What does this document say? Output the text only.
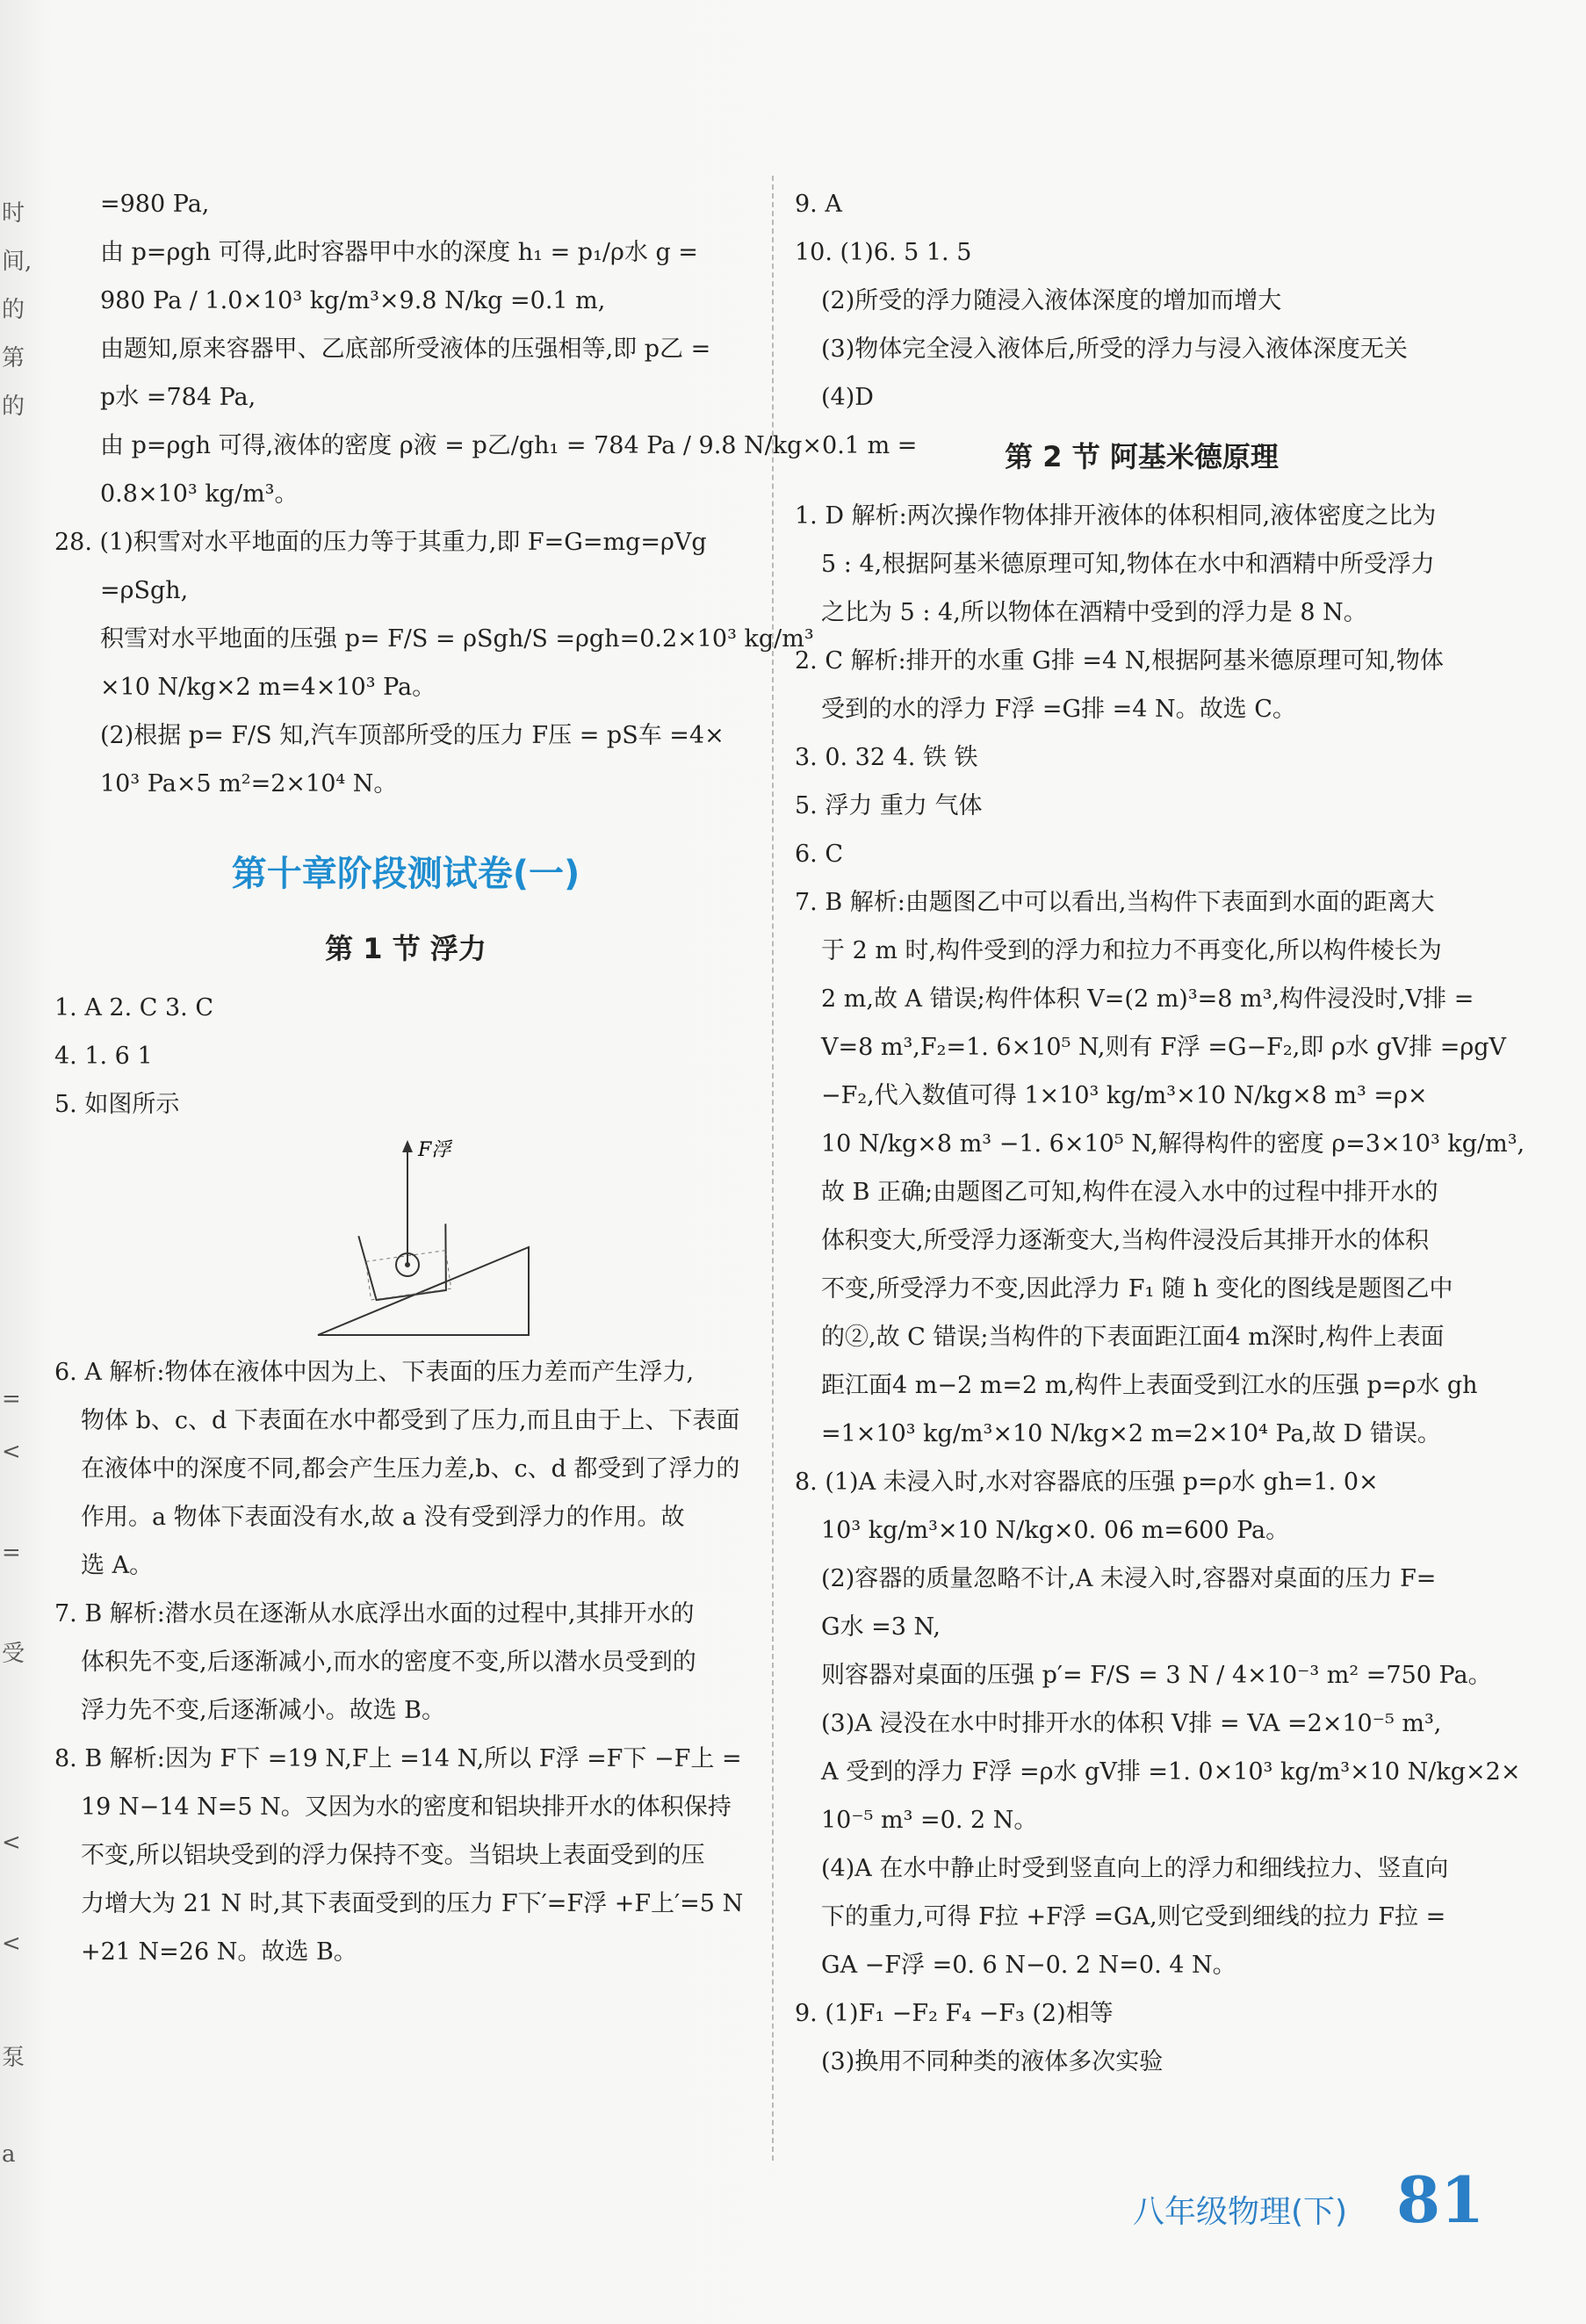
时
间,
的
第
的
=
<
=
受
<
<
泵
a
=980 Pa,
由 p=ρgh 可得,此时容器甲中水的深度 h₁ = p₁/ρ水 g =
980 Pa / 1.0×10³ kg/m³×9.8 N/kg =0.1 m,
由题知,原来容器甲、乙底部所受液体的压强相等,即 p乙 =
p水 =784 Pa,
由 p=ρgh 可得,液体的密度 ρ液 = p乙/gh₁ = 784 Pa / 9.8 N/kg×0.1 m =
0.8×10³ kg/m³。
28. (1)积雪对水平地面的压力等于其重力,即 F=G=mg=ρVg
=ρSgh,
积雪对水平地面的压强 p= F/S = ρSgh/S =ρgh=0.2×10³ kg/m³
×10 N/kg×2 m=4×10³ Pa。
(2)根据 p= F/S 知,汽车顶部所受的压力 F压 = pS车 =4×
10³ Pa×5 m²=2×10⁴ N。
第十章阶段测试卷(一)
第 1 节 浮力
1. A 2. C 3. C
4. 1. 6 1
5. 如图所示
F浮
6. A 解析:物体在液体中因为上、下表面的压力差而产生浮力,
物体 b、c、d 下表面在水中都受到了压力,而且由于上、下表面
在液体中的深度不同,都会产生压力差,b、c、d 都受到了浮力的
作用。a 物体下表面没有水,故 a 没有受到浮力的作用。故
选 A。
7. B 解析:潜水员在逐渐从水底浮出水面的过程中,其排开水的
体积先不变,后逐渐减小,而水的密度不变,所以潜水员受到的
浮力先不变,后逐渐减小。故选 B。
8. B 解析:因为 F下 =19 N,F上 =14 N,所以 F浮 =F下 −F上 =
19 N−14 N=5 N。又因为水的密度和铝块排开水的体积保持
不变,所以铝块受到的浮力保持不变。当铝块上表面受到的压
力增大为 21 N 时,其下表面受到的压力 F下′=F浮 +F上′=5 N
+21 N=26 N。故选 B。
9. A
10. (1)6. 5 1. 5
(2)所受的浮力随浸入液体深度的增加而增大
(3)物体完全浸入液体后,所受的浮力与浸入液体深度无关
(4)D
第 2 节 阿基米德原理
1. D 解析:两次操作物体排开液体的体积相同,液体密度之比为
5 : 4,根据阿基米德原理可知,物体在水中和酒精中所受浮力
之比为 5 : 4,所以物体在酒精中受到的浮力是 8 N。
2. C 解析:排开的水重 G排 =4 N,根据阿基米德原理可知,物体
受到的水的浮力 F浮 =G排 =4 N。故选 C。
3. 0. 32 4. 铁 铁
5. 浮力 重力 气体
6. C
7. B 解析:由题图乙中可以看出,当构件下表面到水面的距离大
于 2 m 时,构件受到的浮力和拉力不再变化,所以构件棱长为
2 m,故 A 错误;构件体积 V=(2 m)³=8 m³,构件浸没时,V排 =
V=8 m³,F₂=1. 6×10⁵ N,则有 F浮 =G−F₂,即 ρ水 gV排 =ρgV
−F₂,代入数值可得 1×10³ kg/m³×10 N/kg×8 m³ =ρ×
10 N/kg×8 m³ −1. 6×10⁵ N,解得构件的密度 ρ=3×10³ kg/m³,
故 B 正确;由题图乙可知,构件在浸入水中的过程中排开水的
体积变大,所受浮力逐渐变大,当构件浸没后其排开水的体积
不变,所受浮力不变,因此浮力 F₁ 随 h 变化的图线是题图乙中
的②,故 C 错误;当构件的下表面距江面4 m深时,构件上表面
距江面4 m−2 m=2 m,构件上表面受到江水的压强 p=ρ水 gh
=1×10³ kg/m³×10 N/kg×2 m=2×10⁴ Pa,故 D 错误。
8. (1)A 未浸入时,水对容器底的压强 p=ρ水 gh=1. 0×
10³ kg/m³×10 N/kg×0. 06 m=600 Pa。
(2)容器的质量忽略不计,A 未浸入时,容器对桌面的压力 F=
G水 =3 N,
则容器对桌面的压强 p′= F/S = 3 N / 4×10⁻³ m² =750 Pa。
(3)A 浸没在水中时排开水的体积 V排 = VA =2×10⁻⁵ m³,
A 受到的浮力 F浮 =ρ水 gV排 =1. 0×10³ kg/m³×10 N/kg×2×
10⁻⁵ m³ =0. 2 N。
(4)A 在水中静止时受到竖直向上的浮力和细线拉力、竖直向
下的重力,可得 F拉 +F浮 =GA,则它受到细线的拉力 F拉 =
GA −F浮 =0. 6 N−0. 2 N=0. 4 N。
9. (1)F₁ −F₂ F₄ −F₃ (2)相等
(3)换用不同种类的液体多次实验
八年级物理(下) 81
